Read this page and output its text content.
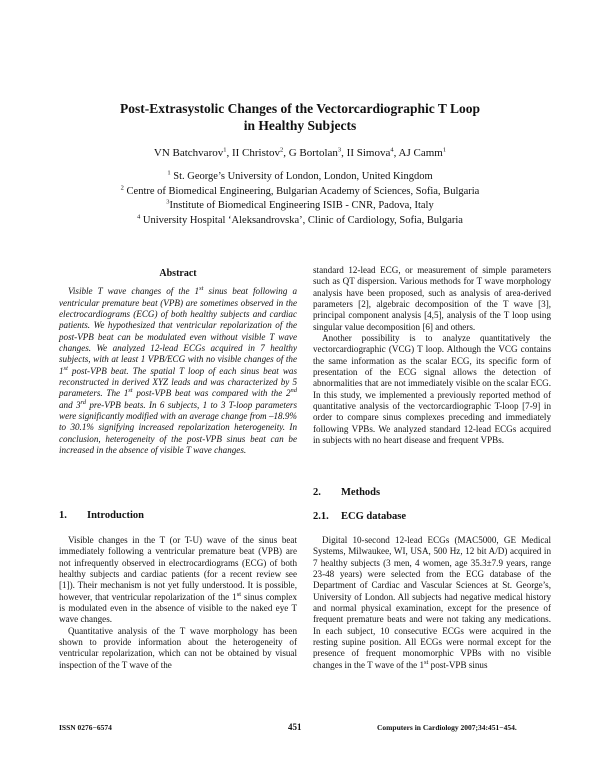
Post-Extrasystolic Changes of the Vectorcardiographic T Loop
in Healthy Subjects
VN Batchvarov$^1$, II Christov$^2$, G Bortolan$^3$, II Simova$^4$, AJ Camm$^1$
$^1$ St. George’s University of London, London, United Kingdom
$^2$ Centre of Biomedical Engineering, Bulgarian Academy of Sciences, Sofia, Bulgaria
$^3$Institute of Biomedical Engineering ISIB - CNR, Padova, Italy
$^4$ University Hospital ‘Aleksandrovska’, Clinic of Cardiology, Sofia, Bulgaria
Abstract

Visible T wave changes of the 1st sinus beat following a ventricular premature beat (VPB) are sometimes observed in the electrocardiograms (ECG) of both healthy subjects and cardiac patients. We hypothesized that ventricular repolarization of the post-VPB beat can be modulated even without visible T wave changes. We analyzed 12-lead ECGs acquired in 7 healthy subjects, with at least 1 VPB/ECG with no visible changes of the 1st post-VPB beat. The spatial T loop of each sinus beat was reconstructed in derived XYZ leads and was characterized by 5 parameters. The 1st post-VPB beat was compared with the 2nd and 3rd pre-VPB beats. In 6 subjects, 1 to 3 T-loop parameters were significantly modified with an average change from –18.9% to 30.1% signifying increased repolarization heterogeneity. In conclusion, heterogeneity of the post-VPB sinus beat can be increased in the absence of visible T wave changes.

1. Introduction

Visible changes in the T (or T-U) wave of the sinus beat immediately following a ventricular premature beat (VPB) are not infrequently observed in electrocardiograms (ECG) of both healthy subjects and cardiac patients (for a recent review see [1]). Their mechanism is not yet fully understood. It is possible, however, that ventricular repolarization of the 1st sinus complex is modulated even in the absence of visible to the naked eye T wave changes.

Quantitative analysis of the T wave morphology has been shown to provide information about the heterogeneity of ventricular repolarization, which can not be obtained by visual inspection of the T wave of the

standard 12-lead ECG, or measurement of simple parameters such as QT dispersion. Various methods for T wave morphology analysis have been proposed, such as analysis of area-derived parameters [2], algebraic decomposition of the T wave [3], principal component analysis [4,5], analysis of the T loop using singular value decomposition [6] and others.

Another possibility is to analyze quantitatively the vectorcardiographic (VCG) T loop. Although the VCG contains the same information as the scalar ECG, its specific form of presentation of the ECG signal allows the detection of abnormalities that are not immediately visible on the scalar ECG. In this study, we implemented a previously reported method of quantitative analysis of the vectorcardiographic T-loop [7-9] in order to compare sinus complexes preceding and immediately following VPBs. We analyzed standard 12-lead ECGs acquired in subjects with no heart disease and frequent VPBs.

2. Methods
2.1. ECG database

Digital 10-second 12-lead ECGs (MAC5000, GE Medical Systems, Milwaukee, WI, USA, 500 Hz, 12 bit A/D) acquired in 7 healthy subjects (3 men, 4 women, age 35.3±7.9 years, range 23-48 years) were selected from the ECG database of the Department of Cardiac and Vascular Sciences at St. George’s, University of London. All subjects had negative medical history and normal physical examination, except for the presence of frequent premature beats and were not taking any medications. In each subject, 10 consecutive ECGs were acquired in the resting supine position. All ECGs were normal except for the presence of frequent monomorphic VPBs with no visible changes in the T wave of the 1st post-VPB sinus

ISSN 0276−6574	451	Computers in Cardiology 2007;34:451−454.
